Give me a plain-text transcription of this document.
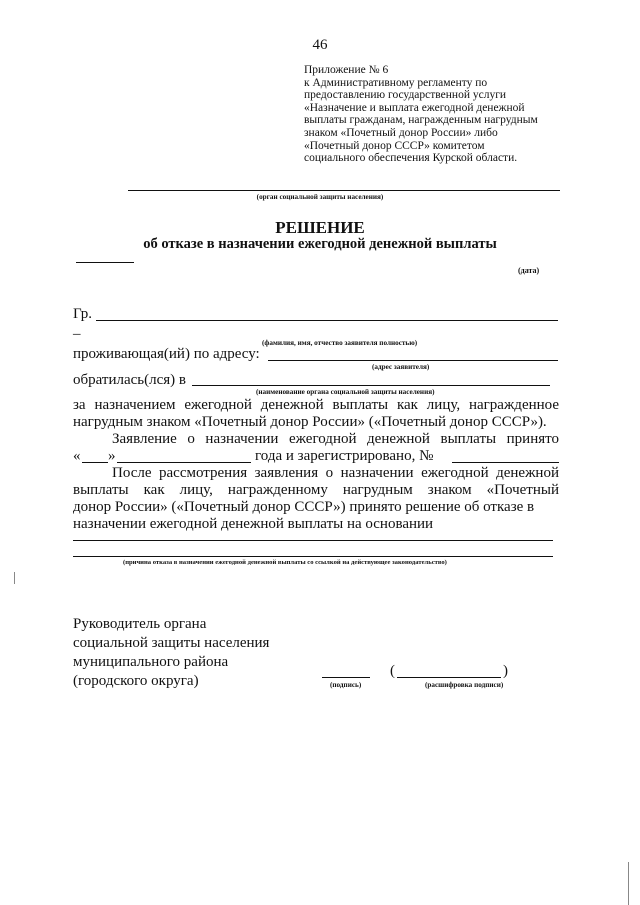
46
Приложение № 6
к Административному регламенту по
предоставлению государственной услуги
«Назначение и выплата ежегодной денежной
выплаты гражданам, награжденным нагрудным
знаком «Почетный донор России» либо
«Почетный донор СССР» комитетом
социального обеспечения Курской области.
(орган социальной защиты населения)
РЕШЕНИЕ
об отказе в назначении ежегодной денежной выплаты
(дата)
Гр.
–
(фамилия, имя, отчество заявителя полностью)
проживающая(ий) по адресу:
(адрес заявителя)
обратилась(лся) в
(наименование органа социальной защиты населения)
за назначением ежегодной денежной выплаты как лицу, награжденное
нагрудным знаком «Почетный донор России» («Почетный донор СССР»).
Заявление о назначении ежегодной денежной выплаты принято
« »	года и зарегистрировано, №
После рассмотрения заявления о назначении ежегодной денежной
выплаты как лицу, награжденному нагрудным знаком «Почетный
донор России» («Почетный донор СССР») принято решение об отказе в
назначении ежегодной денежной выплаты на основании
(причина отказа в назначении ежегодной денежной выплаты со ссылкой на действующее законодательство)
Руководитель органа
социальной защиты населения
муниципального района
(городского округа)	(подпись)
(	)
(расшифровка подписи)
